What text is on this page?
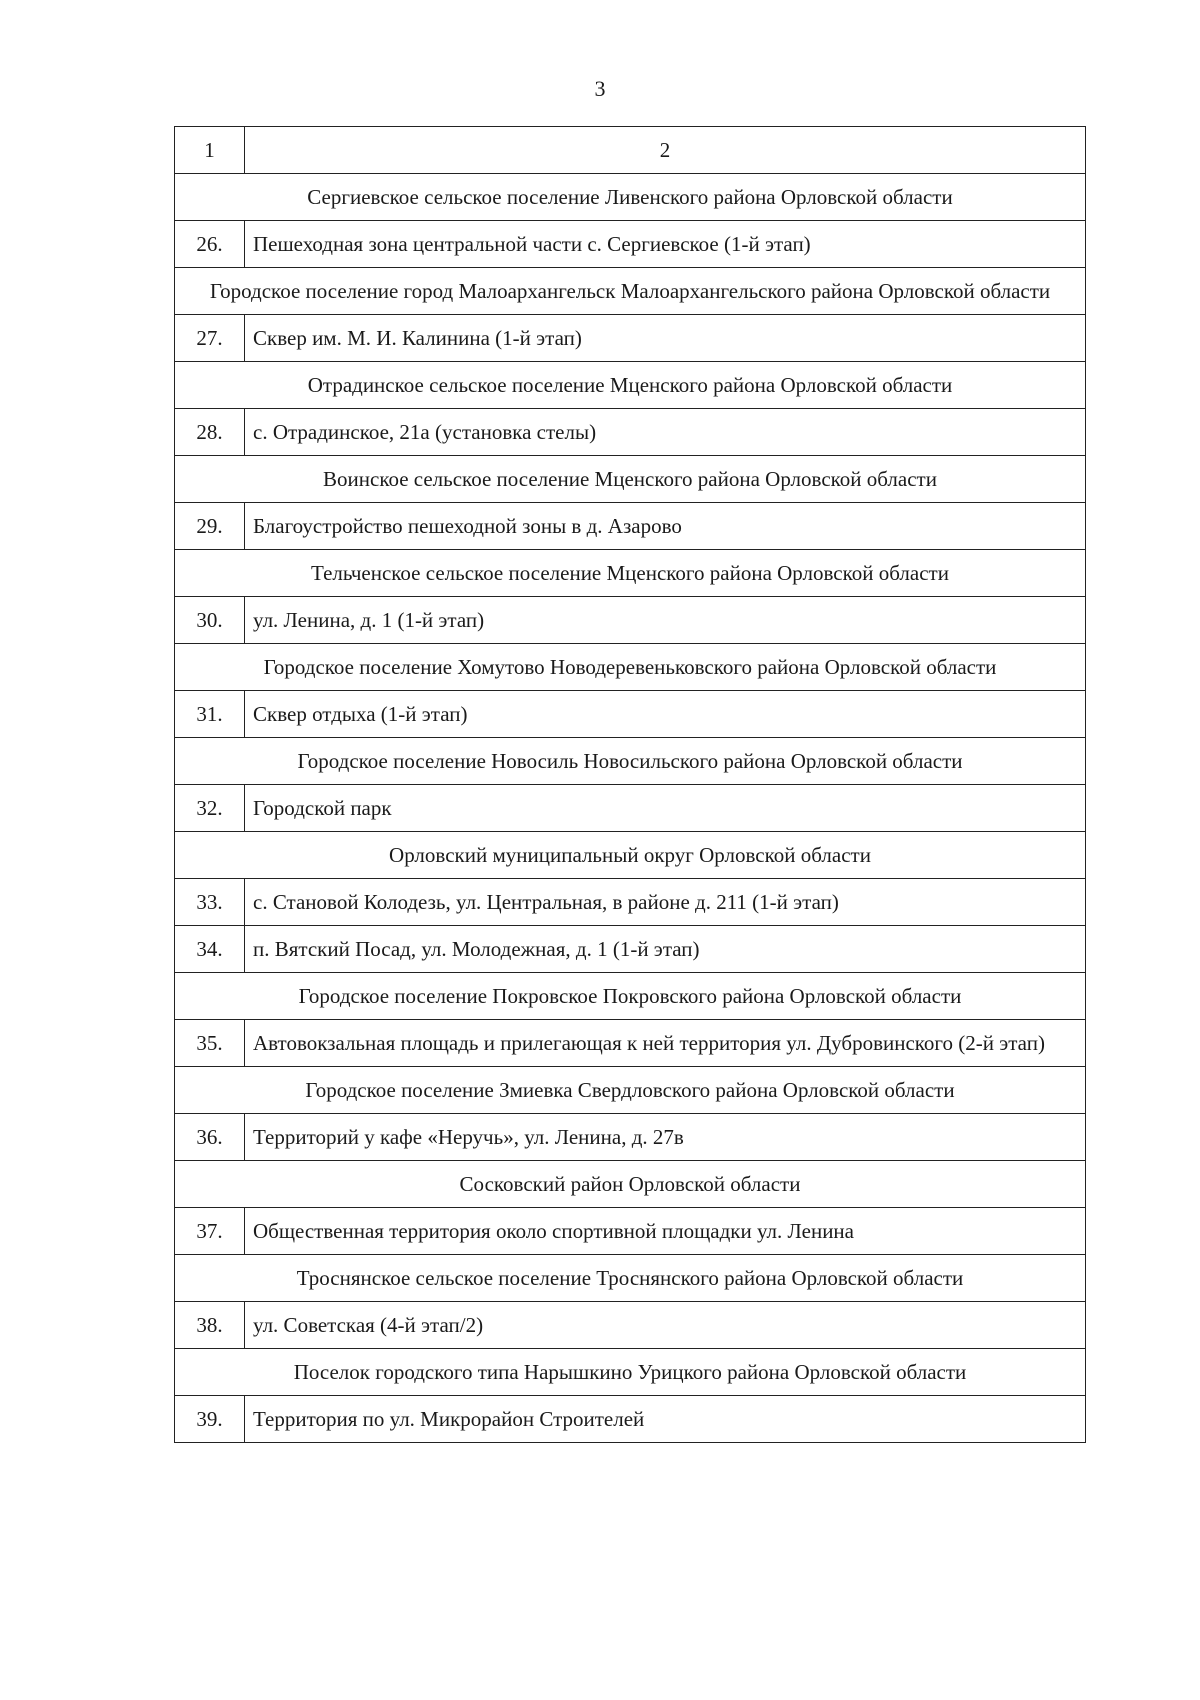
3
1	2
Сергиевское сельское поселение Ливенского района Орловской области
26.	Пешеходная зона центральной части с. Сергиевское (1-й этап)
Городское поселение город Малоархангельск Малоархангельского района Орловской области
27.	Сквер им. М. И. Калинина (1-й этап)
Отрадинское сельское поселение Мценского района Орловской области
28.	с. Отрадинское, 21а (установка стелы)
Воинское сельское поселение Мценского района Орловской области
29.	Благоустройство пешеходной зоны в д. Азарово
Тельченское сельское поселение Мценского района Орловской области
30.	ул. Ленина, д. 1 (1-й этап)
Городское поселение Хомутово Новодеревеньковского района Орловской области
31.	Сквер отдыха (1-й этап)
Городское поселение Новосиль Новосильского района Орловской области
32.	Городской парк
Орловский муниципальный округ Орловской области
33.	с. Становой Колодезь, ул. Центральная, в районе д. 211 (1-й этап)
34.	п. Вятский Посад, ул. Молодежная, д. 1 (1-й этап)
Городское поселение Покровское Покровского района Орловской области
35.	Автовокзальная площадь и прилегающая к ней территория ул. Дубровинского (2-й этап)
Городское поселение Змиевка Свердловского района Орловской области
36.	Территорий у кафе «Неручь», ул. Ленина, д. 27в
Сосковский район Орловской области
37.	Общественная территория около спортивной площадки ул. Ленина
Троснянское сельское поселение Троснянского района Орловской области
38.	ул. Советская (4-й этап/2)
Поселок городского типа Нарышкино Урицкого района Орловской области
39.	Территория по ул. Микрорайон Строителей
